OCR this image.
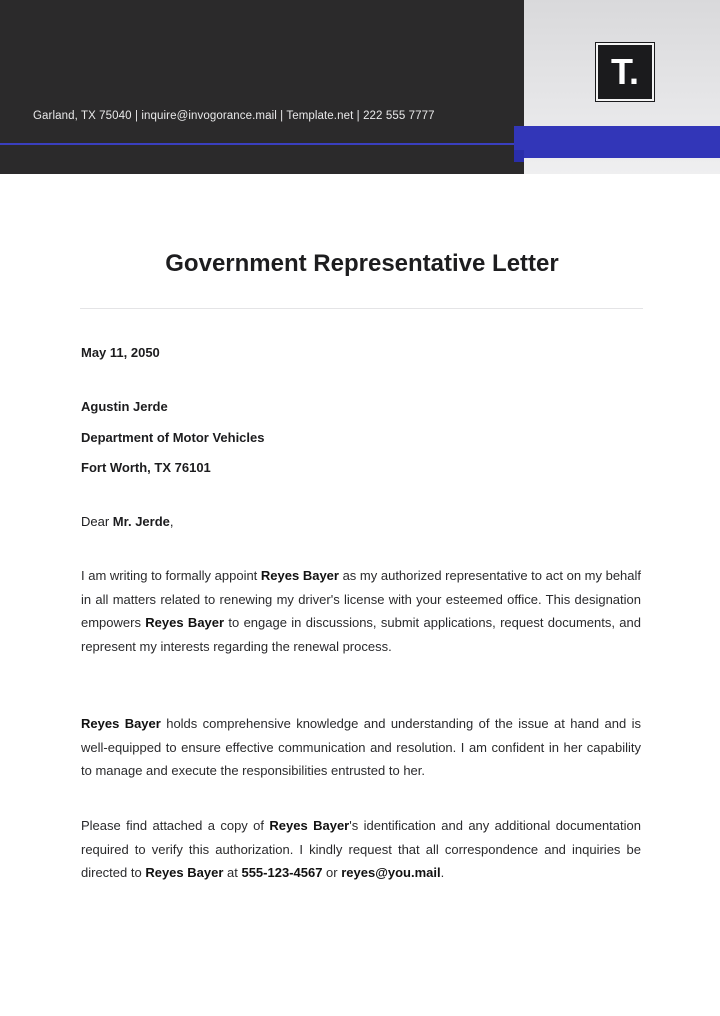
Garland, TX 75040 | inquire@invogorance.mail | Template.net | 222 555 7777
T.
Government Representative Letter
May 11, 2050
Agustin Jerde
Department of Motor Vehicles
Fort Worth, TX 76101
Dear Mr. Jerde,
I am writing to formally appoint Reyes Bayer as my authorized representative to act on my behalf in all matters related to renewing my driver's license with your esteemed office. This designation empowers Reyes Bayer to engage in discussions, submit applications, request documents, and represent my interests regarding the renewal process.
Reyes Bayer holds comprehensive knowledge and understanding of the issue at hand and is well-equipped to ensure effective communication and resolution. I am confident in her capability to manage and execute the responsibilities entrusted to her.
Please find attached a copy of Reyes Bayer's identification and any additional documentation required to verify this authorization. I kindly request that all correspondence and inquiries be directed to Reyes Bayer at 555-123-4567 or reyes@you.mail.
